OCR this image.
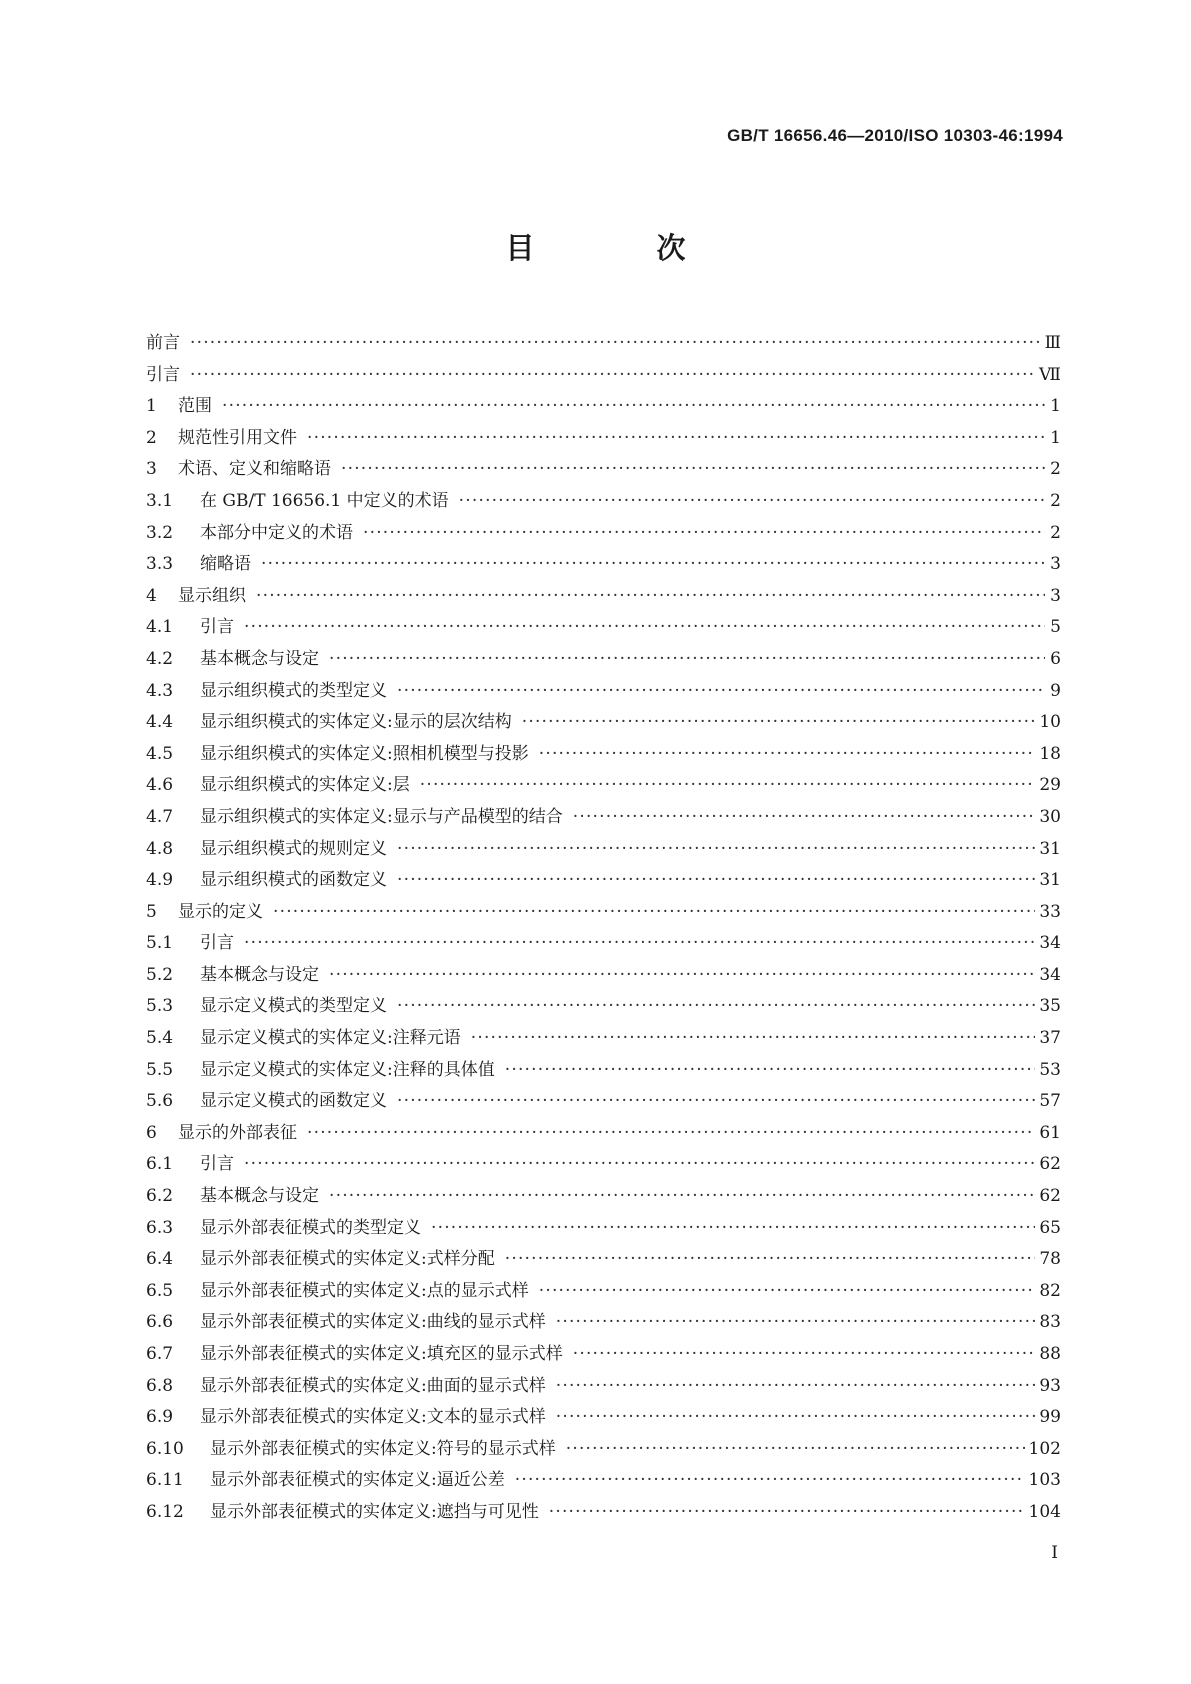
GB/T 16656.46—2010/ISO 10303-46:1994
目 次
前言 ·····	Ⅲ
引言 ·····	Ⅶ
1	范围 ·····	1
2	规范性引用文件 ·····	1
3	术语、定义和缩略语 ·····	2
3.1	在 GB/T 16656.1 中定义的术语 ·····	2
3.2	本部分中定义的术语 ·····	2
3.3	缩略语 ·····	3
4	显示组织 ·····	3
4.1	引言 ·····	5
4.2	基本概念与设定 ·····	6
4.3	显示组织模式的类型定义 ·····	9
4.4	显示组织模式的实体定义:显示的层次结构 ·····	10
4.5	显示组织模式的实体定义:照相机模型与投影 ·····	18
4.6	显示组织模式的实体定义:层 ·····	29
4.7	显示组织模式的实体定义:显示与产品模型的结合 ·····	30
4.8	显示组织模式的规则定义 ·····	31
4.9	显示组织模式的函数定义 ·····	31
5	显示的定义 ·····	33
5.1	引言 ·····	34
5.2	基本概念与设定 ·····	34
5.3	显示定义模式的类型定义 ·····	35
5.4	显示定义模式的实体定义:注释元语 ·····	37
5.5	显示定义模式的实体定义:注释的具体值 ·····	53
5.6	显示定义模式的函数定义 ·····	57
6	显示的外部表征 ·····	61
6.1	引言 ·····	62
6.2	基本概念与设定 ·····	62
6.3	显示外部表征模式的类型定义 ·····	65
6.4	显示外部表征模式的实体定义:式样分配 ·····	78
6.5	显示外部表征模式的实体定义:点的显示式样 ·····	82
6.6	显示外部表征模式的实体定义:曲线的显示式样 ·····	83
6.7	显示外部表征模式的实体定义:填充区的显示式样 ·····	88
6.8	显示外部表征模式的实体定义:曲面的显示式样 ·····	93
6.9	显示外部表征模式的实体定义:文本的显示式样 ·····	99
6.10	显示外部表征模式的实体定义:符号的显示式样 ·····	102
6.11	显示外部表征模式的实体定义:逼近公差 ·····	103
6.12	显示外部表征模式的实体定义:遮挡与可见性 ·····	104
I
